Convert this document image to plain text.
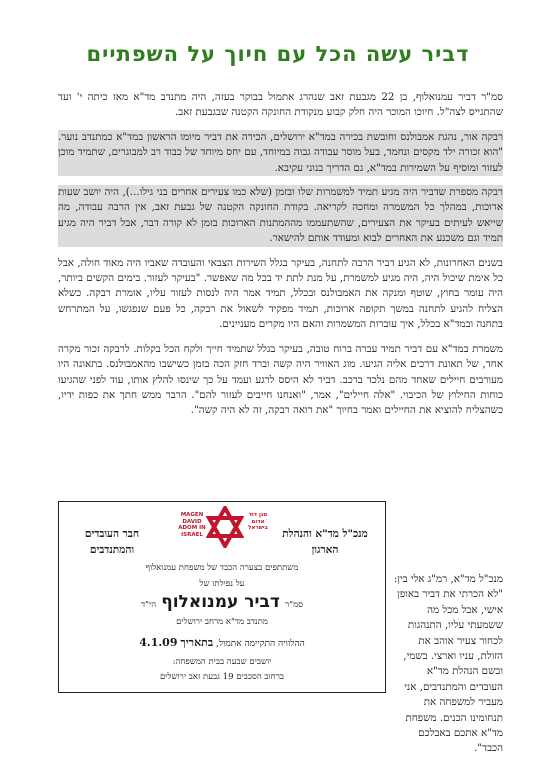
דביר עשה הכל עם חיוך על השפתיים

סמ"ר דביר עמנואלוף, בן 22 מגבעת זאב שנהרג אתמול בבוקר בעזה, היה מתנדב מד"א מאז כיתה י' ועד שהתגייס לצה"ל. חיוכו המוכר היה חלק קבוע מנקודת החונקה הקטנה שבגבעת זאב.

רבקה אור, נהגת אמבולנס וחובשת בכירה במד"א ירושלים, הכירה את דביר מיומו הראשון במד"א כמתנדב נוער. "הוא זכורה ילד מקסים ונחמד, בעל מוסר עבודה גבוה במיוחד, עם יחס מיוחד של כבוד רב למבוגרים, שתמיד מוכן לעזור ומוסיף על השמירות במד"א, גם הדריך בנוני עקיבא.

רבקה מספרת שדביר היה מגיע תמיד למשמרות שלו ובזמן (שלא כמו צעירים אחרים בני גילו...), היה יושב שעות ארוכות, במהלך כל המשמרה ומחכה לקריאה. בקודת החונקה הקטנה של גבעת זאב, אין הרבה עבודה, מה שייאש לעיתים בעיקר את הצעירים, שהשתעממו מההמתנות הארוכות בזמן לא קורה דבר, אבל דביר היה מגיע תמיד וגם משכנע את האחרים לבוא ומעודד אותם להישאר.

בשנים האחרונות, לא הגיע דביר הרבה לתחנה, בעיקר בגלל השירות הצבאי והעובדה שאביו היה מאוד חולה, אבל כל אימת שיכול היה, היה מגיע למשמרת, על מנת לתת יד בכל מה שאפשר. "בעיקר לעזור. בימים הקשים ביותר, היה עומר בחוץ, שוטף ומנקה את האמבולנס ובכלל, תמיד אמר היה לנסות לעזור עליו, אומרת רבקה. כשלא הצליח להגיע לתחנה במשך תקופה ארוכות, תמיד מפקיד לשאול את רבקה, כל פעם שנפגשו, על המתרחש בתחנה ובמד"א בכלל, איך עוברות המשמרות והאם היו מקרים מעניינים.

משמרת במד"א עם דביר תמיד עברה ברוח טובה, בעיקר בגלל שתמיד חייך ולקח הכל בקלות. לרבקה זכור מקרה אחד, של תאונת דרכים אליה הגיעו. מוג האוויר היה קשה וברד חזק הכה בזמן כשישבו מהאמבולנס. בתאונה היו מעורבים חיילים שאחד מהם נלכד ברכב. דביר לא היסס לרגע ועמד על כך שינסו להלץ אותו, עוד לפני שהגיעו כוחות החילוץ של הכיבוי. "אלה חיילים", אמר, "ואנחנו חייבים לעזור להם". הרבר ממש חתך את כפות ידיו, כשהצליח להוציא את החיילים ואמר בחיוך "את רואה רבקה, זה לא היה קשה".

מנכ"ל מד"א, רמ"ג אלי בין: "לא הכרתי את דביר באופן אישי, אבל מכל מה ששמעתי עליו, התנהגות לכחור צעיר אוהב את הזולת, עניו וארצי. בשמי, ובשם הנהלת מד"א העובדים והמתנדבים, אני מעביר למשפחה את תנחומינו הכנים. משפחת מד"א אתכם באבלכם הכבד".
מנכ"ל מד"א והנהלת הארגון
חבר העובדים והמתנדבים
MAGEN DAVID ADOM IN ISRAEL
מגן דוד אדום בישראל
משתתפים בצערה הכבד של משפחת עמנואלוף
על נפילתו של
סמ"ר דביר עמנואלוף הי"ד
מתנדב מד"א מרחב ירושלים
ההלוויה התקיימה אתמול, בתאריך 4.1.09
יושבים שבעה בבית המשפחה:
ברחוב הסכבים 19 גבעת זאב ירושלים
